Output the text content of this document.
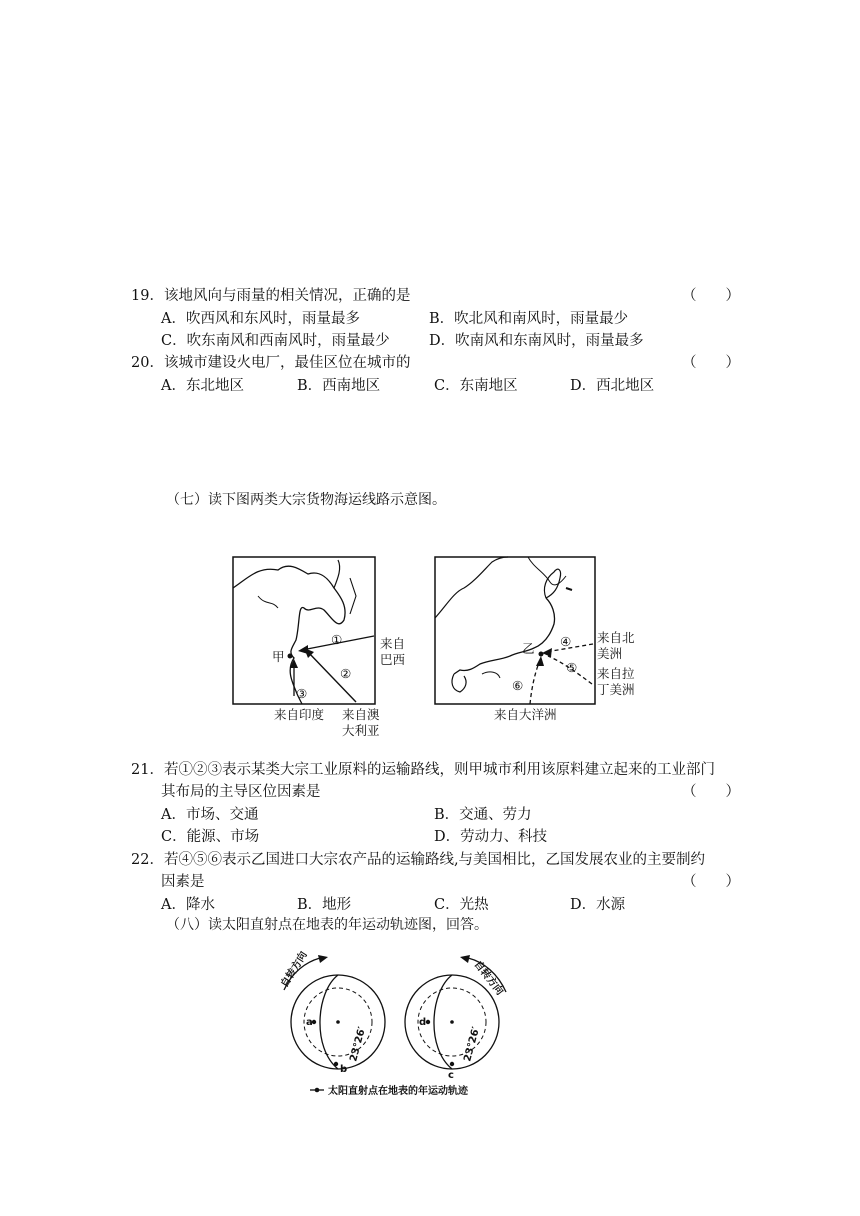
19．该地风向与雨量的相关情况，正确的是	（　　）
A．吹西风和东风时，雨量最多	B．吹北风和南风时，雨量最少
C．吹东南风和西南风时，雨量最少	D．吹南风和东南风时，雨量最多
20．该城市建设火电厂，最佳区位在城市的	（　　）
A．东北地区	B．西南地区	C．东南地区	D．西北地区
（七）读下图两类大宗货物海运线路示意图。
①
②
③
甲
来自
巴西
来自印度 来自澳
大利亚
④
⑤
⑥
乙
来自北
美洲
来自拉
丁美洲
来自大洋洲
21．若①②③表示某类大宗工业原料的运输路线，则甲城市利用该原料建立起来的工业部门
其布局的主导区位因素是	（　　）
A．市场、交通	B．交通、劳力
C．能源、市场	D．劳动力、科技
22．若④⑤⑥表示乙国进口大宗农产品的运输路线,与美国相比，乙国发展农业的主要制约
因素是	（　　）
A．降水	B．地形	C．光热	D．水源
（八）读太阳直射点在地表的年运动轨迹图，回答。
自转方向
a
b
23°26′
自转方向
d
c
23°26′
太阳直射点在地表的年运动轨迹
